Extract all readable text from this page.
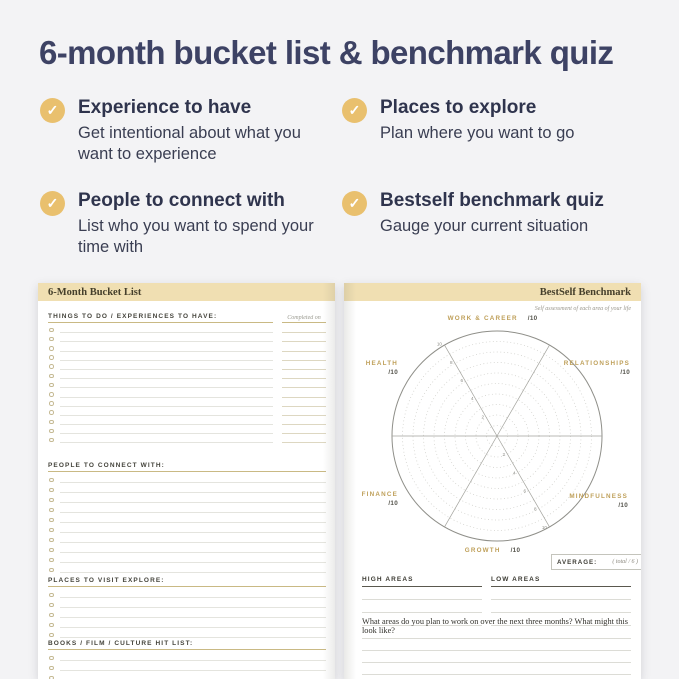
6-month bucket list & benchmark quiz
✓ Experience to have

Get intentional about what you want to experience

✓ Places to explore

Plan where you want to go

✓ People to connect with

List who you want to spend your time with

✓ Bestself benchmark quiz

Gauge your current situation

6-Month Bucket List
THINGS TO DO / EXPERIENCES TO HAVE:	Completed on
PEOPLE TO CONNECT WITH:
PLACES TO VISIT EXPLORE:
BOOKS / FILM / CULTURE HIT LIST:
BestSelf Benchmark
Self assessment of each area of your life
2
2
4
4
6
6
8
8
10
10
WORK & CAREER /10
HEALTH
/10
RELATIONSHIPS
/10
FINANCE
/10
MINDFULNESS
/10
GROWTH /10
AVERAGE:	( total / 6 )
HIGH AREAS	LOW AREAS
What areas do you plan to work on over the next three months? What might this look like?
